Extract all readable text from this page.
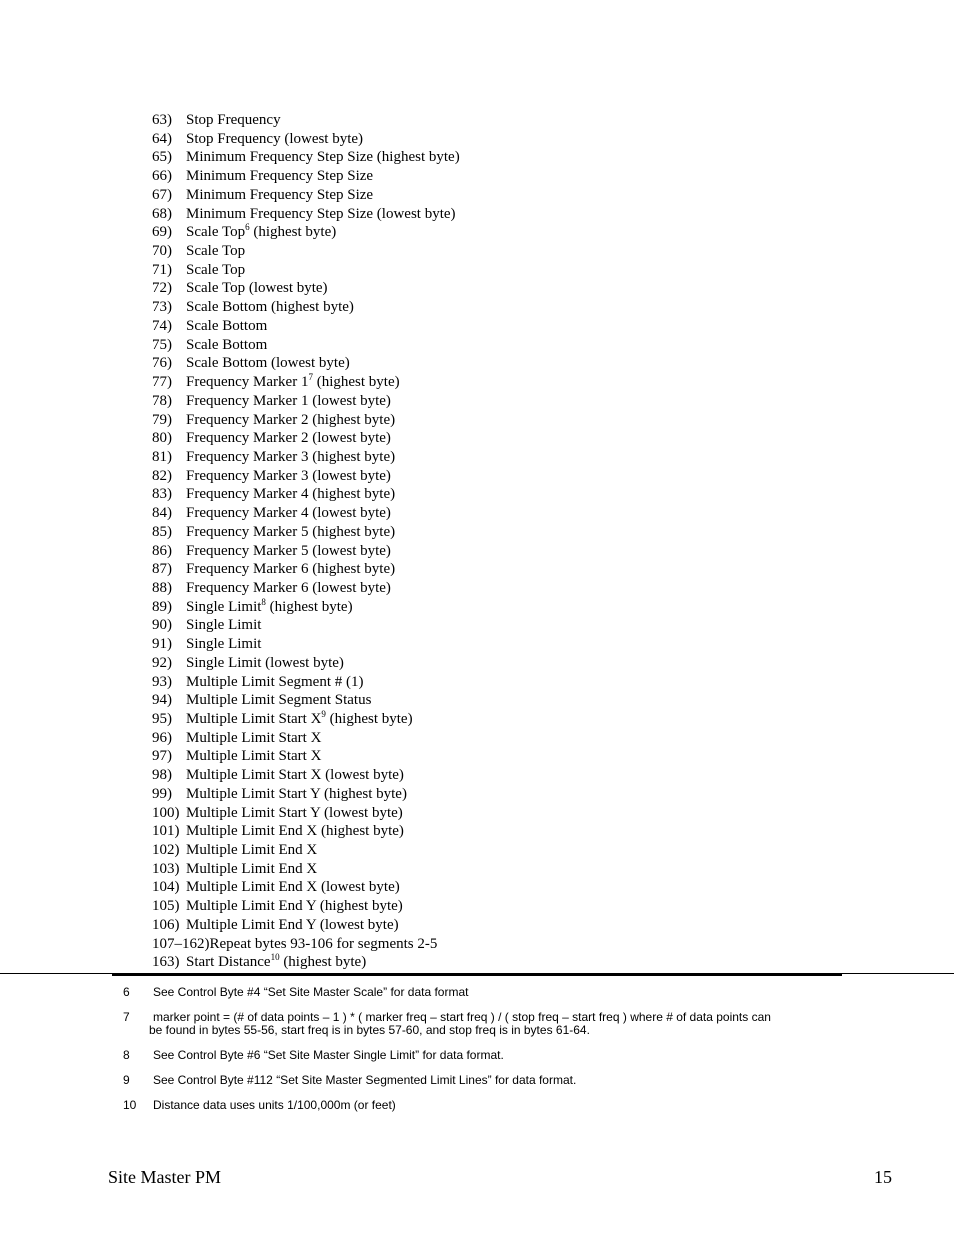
63) Stop Frequency
64) Stop Frequency (lowest byte)
65) Minimum Frequency Step Size (highest byte)
66) Minimum Frequency Step Size
67) Minimum Frequency Step Size
68) Minimum Frequency Step Size (lowest byte)
69) Scale Top$^6$ (highest byte)
70) Scale Top
71) Scale Top
72) Scale Top (lowest byte)
73) Scale Bottom (highest byte)
74) Scale Bottom
75) Scale Bottom
76) Scale Bottom (lowest byte)
77) Frequency Marker $1^7$ (highest byte)
78) Frequency Marker 1 (lowest byte)
79) Frequency Marker 2 (highest byte)
80) Frequency Marker 2 (lowest byte)
81) Frequency Marker 3 (highest byte)
82) Frequency Marker 3 (lowest byte)
83) Frequency Marker 4 (highest byte)
84) Frequency Marker 4 (lowest byte)
85) Frequency Marker 5 (highest byte)
86) Frequency Marker 5 (lowest byte)
87) Frequency Marker 6 (highest byte)
88) Frequency Marker 6 (lowest byte)
89) Single Limit$^8$ (highest byte)
90) Single Limit
91) Single Limit
92) Single Limit (lowest byte)
93) Multiple Limit Segment # (1)
94) Multiple Limit Segment Status
95) Multiple Limit Start $X^9$ (highest byte)
96) Multiple Limit Start X
97) Multiple Limit Start X
98) Multiple Limit Start X (lowest byte)
99) Multiple Limit Start Y (highest byte)
100) Multiple Limit Start Y (lowest byte)
101) Multiple Limit End X (highest byte)
102) Multiple Limit End X
103) Multiple Limit End X
104) Multiple Limit End X (lowest byte)
105) Multiple Limit End Y (highest byte)
106) Multiple Limit End Y (lowest byte)
107–162)Repeat bytes 93-106 for segments 2-5
163) Start Distance$^{10}$ (highest byte)
6	See Control Byte #4 “Set Site Master Scale” for data format
7	marker point = (# of data points – 1 ) * ( marker freq – start freq ) / ( stop freq – start freq ) where # of data points can
be found in bytes 55-56, start freq is in bytes 57-60, and stop freq is in bytes 61-64.
8	See Control Byte #6 “Set Site Master Single Limit” for data format.
9	See Control Byte #112 “Set Site Master Segmented Limit Lines” for data format.
10	Distance data uses units 1/100,000m (or feet)
Site Master PM	15
